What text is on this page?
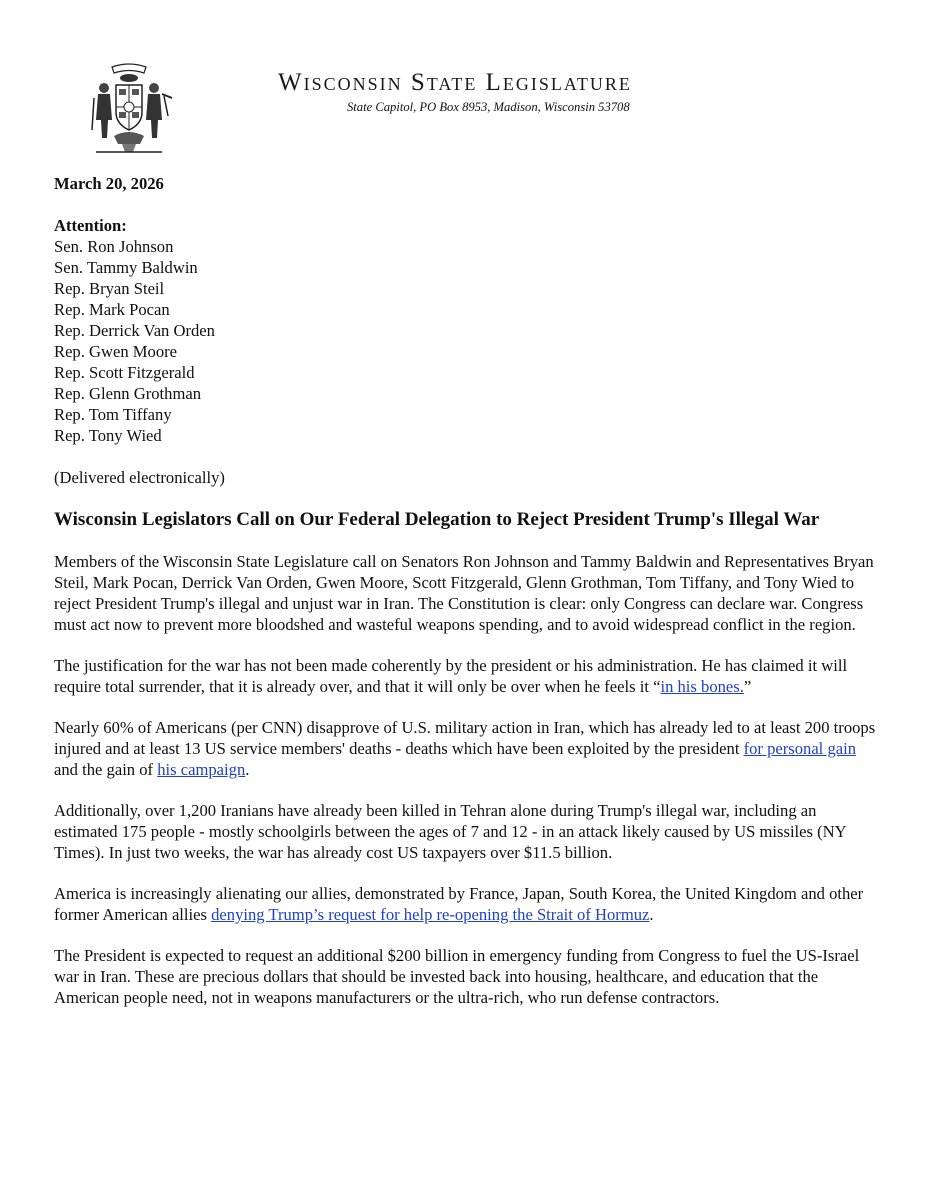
Wisconsin State Legislature
State Capitol, PO Box 8953, Madison, Wisconsin 53708
March 20, 2026
Attention:
Sen. Ron Johnson
Sen. Tammy Baldwin
Rep. Bryan Steil
Rep. Mark Pocan
Rep. Derrick Van Orden
Rep. Gwen Moore
Rep. Scott Fitzgerald
Rep. Glenn Grothman
Rep. Tom Tiffany
Rep. Tony Wied
(Delivered electronically)
Wisconsin Legislators Call on Our Federal Delegation to Reject President Trump's Illegal War

Members of the Wisconsin State Legislature call on Senators Ron Johnson and Tammy Baldwin and Representatives Bryan Steil, Mark Pocan, Derrick Van Orden, Gwen Moore, Scott Fitzgerald, Glenn Grothman, Tom Tiffany, and Tony Wied to reject President Trump's illegal and unjust war in Iran. The Constitution is clear: only Congress can declare war. Congress must act now to prevent more bloodshed and wasteful weapons spending, and to avoid widespread conflict in the region.

The justification for the war has not been made coherently by the president or his administration. He has claimed it will require total surrender, that it is already over, and that it will only be over when he feels it “in his bones.”

Nearly 60% of Americans (per CNN) disapprove of U.S. military action in Iran, which has already led to at least 200 troops injured and at least 13 US service members' deaths - deaths which have been exploited by the president for personal gain and the gain of his campaign.

Additionally, over 1,200 Iranians have already been killed in Tehran alone during Trump's illegal war, including an estimated 175 people - mostly schoolgirls between the ages of 7 and 12 - in an attack likely caused by US missiles (NY Times). In just two weeks, the war has already cost US taxpayers over $11.5 billion.

America is increasingly alienating our allies, demonstrated by France, Japan, South Korea, the United Kingdom and other former American allies denying Trump’s request for help re-opening the Strait of Hormuz.

The President is expected to request an additional $200 billion in emergency funding from Congress to fuel the US-Israel war in Iran. These are precious dollars that should be invested back into housing, healthcare, and education that the American people need, not in weapons manufacturers or the ultra-rich, who run defense contractors.
